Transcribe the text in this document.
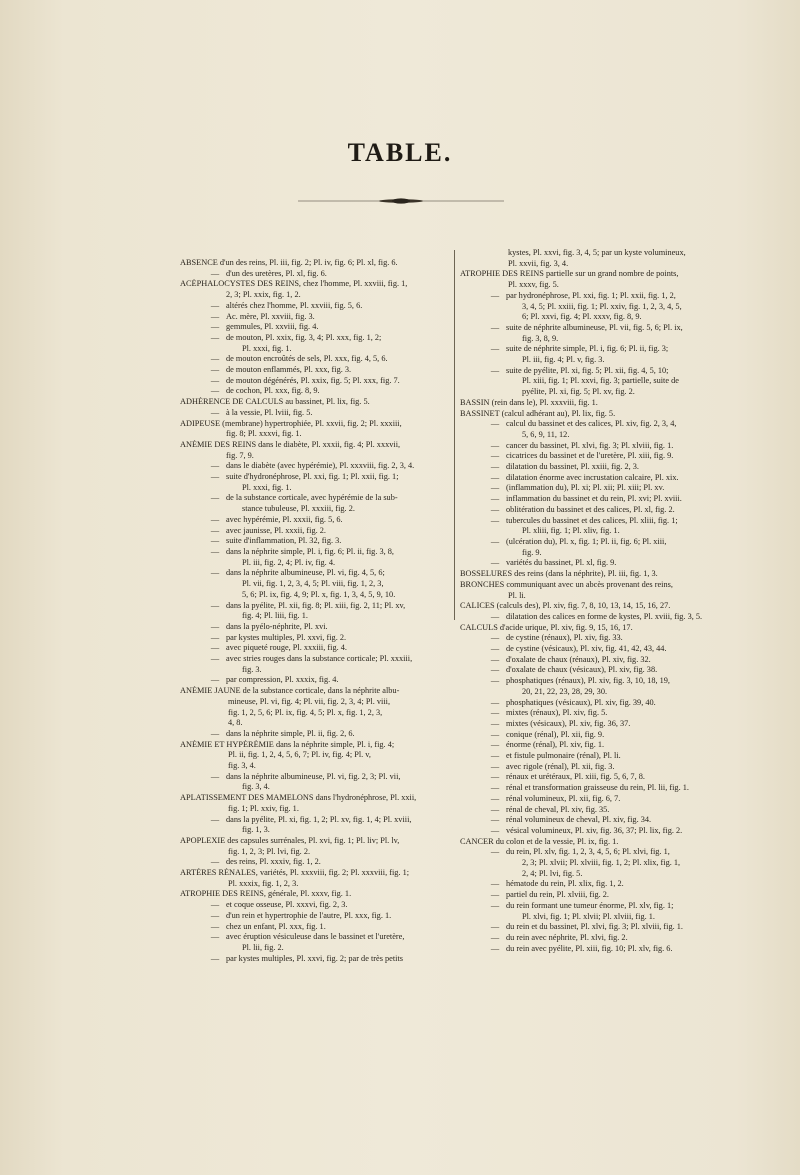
TABLE.
ABSENCE d'un des reins, Pl. iii, fig. 2; Pl. iv, fig. 6; Pl. xl, fig. 6.
— d'un des uretères, Pl. xl, fig. 6.
ACÉPHALOCYSTES DES REINS, chez l'homme, Pl. xxviii, fig. 1,
2, 3; Pl. xxix, fig. 1, 2.
— altérés chez l'homme, Pl. xxviii, fig. 5, 6.
— Ac. mère, Pl. xxviii, fig. 3.
— gemmules, Pl. xxviii, fig. 4.
— de mouton, Pl. xxix, fig. 3, 4; Pl. xxx, fig. 1, 2;
Pl. xxxi, fig. 1.
— de mouton encroûtés de sels, Pl. xxx, fig. 4, 5, 6.
— de mouton enflammés, Pl. xxx, fig. 3.
— de mouton dégénérés, Pl. xxix, fig. 5; Pl. xxx, fig. 7.
— de cochon, Pl. xxx, fig. 8, 9.
ADHÉRENCE DE CALCULS au bassinet, Pl. lix, fig. 5.
— à la vessie, Pl. lviii, fig. 5.
ADIPEUSE (membrane) hypertrophiée, Pl. xxvii, fig. 2; Pl. xxxiii,
fig. 8; Pl. xxxvi, fig. 1.
ANÉMIE DES REINS dans le diabète, Pl. xxxii, fig. 4; Pl. xxxvii,
fig. 7, 9.
— dans le diabète (avec hypérémie), Pl. xxxviii, fig. 2, 3, 4.
— suite d'hydronéphrose, Pl. xxi, fig. 1; Pl. xxii, fig. 1;
Pl. xxxi, fig. 1.
— de la substance corticale, avec hypérémie de la sub-
stance tubuleuse, Pl. xxxiii, fig. 2.
— avec hypérémie, Pl. xxxii, fig. 5, 6.
— avec jaunisse, Pl. xxxii, fig. 2.
— suite d'inflammation, Pl. 32, fig. 3.
— dans la néphrite simple, Pl. i, fig. 6; Pl. ii, fig. 3, 8,
Pl. iii, fig. 2, 4; Pl. iv, fig. 4.
— dans la néphrite albumineuse, Pl. vi, fig. 4, 5, 6;
Pl. vii, fig. 1, 2, 3, 4, 5; Pl. viii, fig. 1, 2, 3,
5, 6; Pl. ix, fig. 4, 9; Pl. x, fig. 1, 3, 4, 5, 9, 10.
— dans la pyélite, Pl. xii, fig. 8; Pl. xiii, fig. 2, 11; Pl. xv,
fig. 4; Pl. liii, fig. 1.
— dans la pyélo-néphrite, Pl. xvi.
— par kystes multiples, Pl. xxvi, fig. 2.
— avec piqueté rouge, Pl. xxxiii, fig. 4.
— avec stries rouges dans la substance corticale; Pl. xxxiii,
fig. 3.
— par compression, Pl. xxxix, fig. 4.
ANÉMIE JAUNE de la substance corticale, dans la néphrite albu-
mineuse, Pl. vi, fig. 4; Pl. vii, fig. 2, 3, 4; Pl. viii,
fig. 1, 2, 5, 6; Pl. ix, fig. 4, 5; Pl. x, fig. 1, 2, 3,
4, 8.
— dans la néphrite simple, Pl. ii, fig. 2, 6.
ANÉMIE ET HYPÉRÉMIE dans la néphrite simple, Pl. i, fig. 4;
Pl. ii, fig. 1, 2, 4, 5, 6, 7; Pl. iv, fig. 4; Pl. v,
fig. 3, 4.
— dans la néphrite albumineuse, Pl. vi, fig. 2, 3; Pl. vii,
fig. 3, 4.
APLATISSEMENT DES MAMELONS dans l'hydronéphrose, Pl. xxii,
fig. 1; Pl. xxiv, fig. 1.
— dans la pyélite, Pl. xi, fig. 1, 2; Pl. xv, fig. 1, 4; Pl. xviii,
fig. 1, 3.
APOPLEXIE des capsules surrénales, Pl. xvi, fig. 1; Pl. liv; Pl. lv,
fig. 1, 2, 3; Pl. lvi, fig. 2.
— des reins, Pl. xxxiv, fig. 1, 2.
ARTÈRES RÉNALES, variétés, Pl. xxxviii, fig. 2; Pl. xxxviii, fig. 1;
Pl. xxxix, fig. 1, 2, 3.
ATROPHIE DES REINS, générale, Pl. xxxv, fig. 1.
— et coque osseuse, Pl. xxxvi, fig. 2, 3.
— d'un rein et hypertrophie de l'autre, Pl. xxx, fig. 1.
— chez un enfant, Pl. xxx, fig. 1.
— avec éruption vésiculeuse dans le bassinet et l'uretère,
Pl. lii, fig. 2.
— par kystes multiples, Pl. xxvi, fig. 2; par de très petits
kystes, Pl. xxvi, fig. 3, 4, 5; par un kyste volumineux,
Pl. xxvii, fig. 3, 4.
ATROPHIE DES REINS partielle sur un grand nombre de points,
Pl. xxxv, fig. 5.
— par hydronéphrose, Pl. xxi, fig. 1; Pl. xxii, fig. 1, 2,
3, 4, 5; Pl. xxiii, fig. 1; Pl. xxiv, fig. 1, 2, 3, 4, 5,
6; Pl. xxvi, fig. 4; Pl. xxxv, fig. 8, 9.
— suite de néphrite albumineuse, Pl. vii, fig. 5, 6; Pl. ix,
fig. 3, 8, 9.
— suite de néphrite simple, Pl. i, fig. 6; Pl. ii, fig. 3;
Pl. iii, fig. 4; Pl. v, fig. 3.
— suite de pyélite, Pl. xi, fig. 5; Pl. xii, fig. 4, 5, 10;
Pl. xiii, fig. 1; Pl. xxvi, fig. 3; partielle, suite de
pyélite, Pl. xi, fig. 5; Pl. xv, fig. 2.
BASSIN (rein dans le), Pl. xxxviii, fig. 1.
BASSINET (calcul adhérant au), Pl. lix, fig. 5.
— calcul du bassinet et des calices, Pl. xiv, fig. 2, 3, 4,
5, 6, 9, 11, 12.
— cancer du bassinet, Pl. xlvi, fig. 3; Pl. xlviii, fig. 1.
— cicatrices du bassinet et de l'uretère, Pl. xiii, fig. 9.
— dilatation du bassinet, Pl. xxiii, fig. 2, 3.
— dilatation énorme avec incrustation calcaire, Pl. xix.
— (inflammation du), Pl. xi; Pl. xii; Pl. xiii; Pl. xv.
— inflammation du bassinet et du rein, Pl. xvi; Pl. xviii.
— oblitération du bassinet et des calices, Pl. xl, fig. 2.
— tubercules du bassinet et des calices, Pl. xliii, fig. 1;
Pl. xliii, fig. 1; Pl. xliv, fig. 1.
— (ulcération du), Pl. x, fig. 1; Pl. ii, fig. 6; Pl. xiii,
fig. 9.
— variétés du bassinet, Pl. xl, fig. 9.
BOSSELURES des reins (dans la néphrite), Pl. iii, fig. 1, 3.
BRONCHES communiquant avec un abcès provenant des reins,
Pl. li.
CALICES (calculs des), Pl. xiv, fig. 7, 8, 10, 13, 14, 15, 16, 27.
— dilatation des calices en forme de kystes, Pl. xviii, fig. 3, 5.
CALCULS d'acide urique, Pl. xiv, fig. 9, 15, 16, 17.
— de cystine (rénaux), Pl. xiv, fig. 33.
— de cystine (vésicaux), Pl. xiv, fig. 41, 42, 43, 44.
— d'oxalate de chaux (rénaux), Pl. xiv, fig. 32.
— d'oxalate de chaux (vésicaux), Pl. xiv, fig. 38.
— phosphatiques (rénaux), Pl. xiv, fig. 3, 10, 18, 19,
20, 21, 22, 23, 28, 29, 30.
— phosphatiques (vésicaux), Pl. xiv, fig. 39, 40.
— mixtes (rénaux), Pl. xiv, fig. 5.
— mixtes (vésicaux), Pl. xiv, fig. 36, 37.
— conique (rénal), Pl. xii, fig. 9.
— énorme (rénal), Pl. xiv, fig. 1.
— et fistule pulmonaire (rénal), Pl. li.
— avec rigole (rénal), Pl. xii, fig. 3.
— rénaux et urétéraux, Pl. xiii, fig. 5, 6, 7, 8.
— rénal et transformation graisseuse du rein, Pl. lii, fig. 1.
— rénal volumineux, Pl. xii, fig. 6, 7.
— rénal de cheval, Pl. xiv, fig. 35.
— rénal volumineux de cheval, Pl. xiv, fig. 34.
— vésical volumineux, Pl. xiv, fig. 36, 37; Pl. lix, fig. 2.
CANCER du colon et de la vessie, Pl. ix, fig. 1.
— du rein, Pl. xlv, fig. 1, 2, 3, 4, 5, 6; Pl. xlvi, fig. 1,
2, 3; Pl. xlvii; Pl. xlviii, fig. 1, 2; Pl. xlix, fig. 1,
2, 4; Pl. lvi, fig. 5.
— hématode du rein, Pl. xlix, fig. 1, 2.
— partiel du rein, Pl. xlviii, fig. 2.
— du rein formant une tumeur énorme, Pl. xlv, fig. 1;
Pl. xlvi, fig. 1; Pl. xlvii; Pl. xlviii, fig. 1.
— du rein et du bassinet, Pl. xlvi, fig. 3; Pl. xlviii, fig. 1.
— du rein avec néphrite, Pl. xlvi, fig. 2.
— du rein avec pyélite, Pl. xiii, fig. 10; Pl. xlv, fig. 6.
